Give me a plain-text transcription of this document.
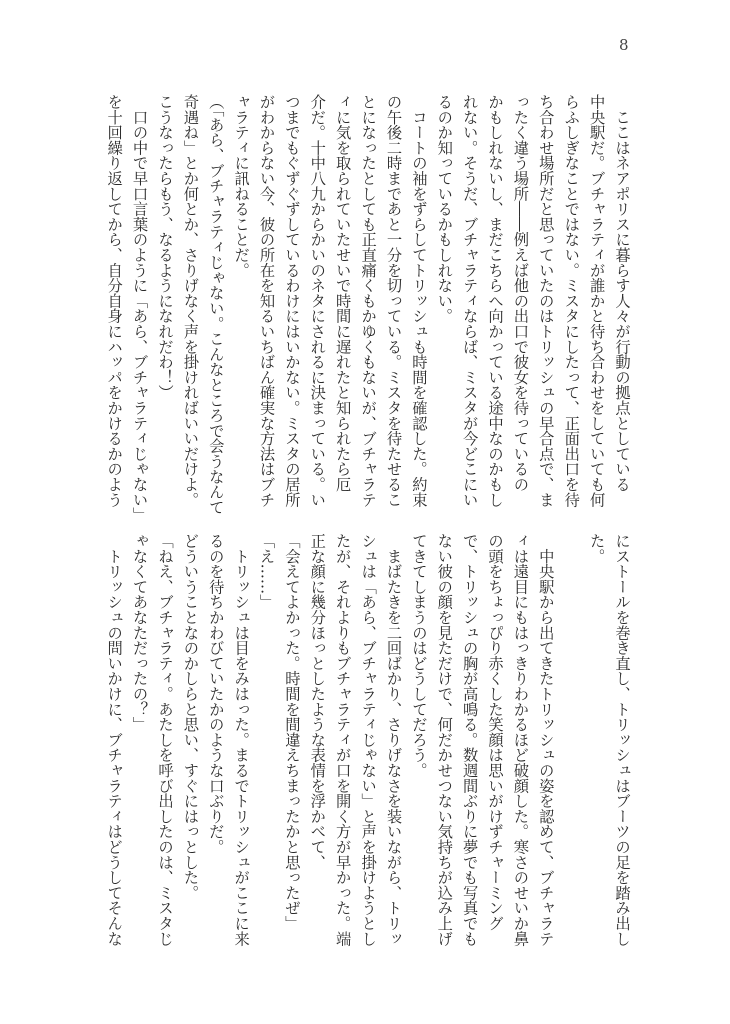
8
　ここはネアポリスに暮らす人々が行動の拠点としている
中央駅だ。ブチャラティが誰かと待ち合わせをしていても何
らふしぎなことではない。ミスタにしたって、正面出口を待
ち合わせ場所だと思っていたのはトリッシュの早合点で、ま
ったく違う場所――例えば他の出口で彼女を待っているの
かもしれないし、まだこちらへ向かっている途中なのかもし
れない。そうだ、ブチャラティならば、ミスタが今どこにい
るのか知っているかもしれない。
　コートの袖をずらしてトリッシュも時間を確認した。約束
の午後二時まであと一分を切っている。ミスタを待たせるこ
とになったとしても正直痛くもかゆくもないが、ブチャラテ
ィに気を取られていたせいで時間に遅れたと知られたら厄
介だ。十中八九からかいのネタにされるに決まっている。い
つまでもぐずぐずしているわけにはいかない。ミスタの居所
がわからない今、彼の所在を知るいちばん確実な方法はブチ
ャラティに訊ねることだ。
（「あら、ブチャラティじゃない。こんなところで会うなんて
奇遇ね」とか何とか、さりげなく声を掛ければいいだけよ。
こうなったらもう、なるようになれだわ！）
　口の中で早口言葉のように「あら、ブチャラティじゃない」
を十回繰り返してから、自分自身にハッパをかけるかのよう
にストールを巻き直し、トリッシュはブーツの足を踏み出し
た。
　中央駅から出てきたトリッシュの姿を認めて、ブチャラテ
ィは遠目にもはっきりわかるほど破顔した。寒さのせいか鼻
の頭をちょっぴり赤くした笑顔は思いがけずチャーミング
で、トリッシュの胸が高鳴る。数週間ぶりに夢でも写真でも
ない彼の顔を見ただけで、何だかせつない気持ちが込み上げ
てきてしまうのはどうしてだろう。
　まばたきを二回ばかり、さりげなさを装いながら、トリッ
シュは「あら、ブチャラティじゃない」と声を掛けようとし
たが、それよりもブチャラティが口を開く方が早かった。端
正な顔に幾分ほっとしたような表情を浮かべて、
「会えてよかった。時間を間違えちまったかと思ったぜ」
「え……」
　トリッシュは目をみはった。まるでトリッシュがここに来
るのを待ちかわびていたかのような口ぶりだ。
どういうことなのかしらと思い、すぐにはっとした。
「ねえ、ブチャラティ。あたしを呼び出したのは、ミスタじ
ゃなくてあなただったの？」
　トリッシュの問いかけに、ブチャラティはどうしてそんな
